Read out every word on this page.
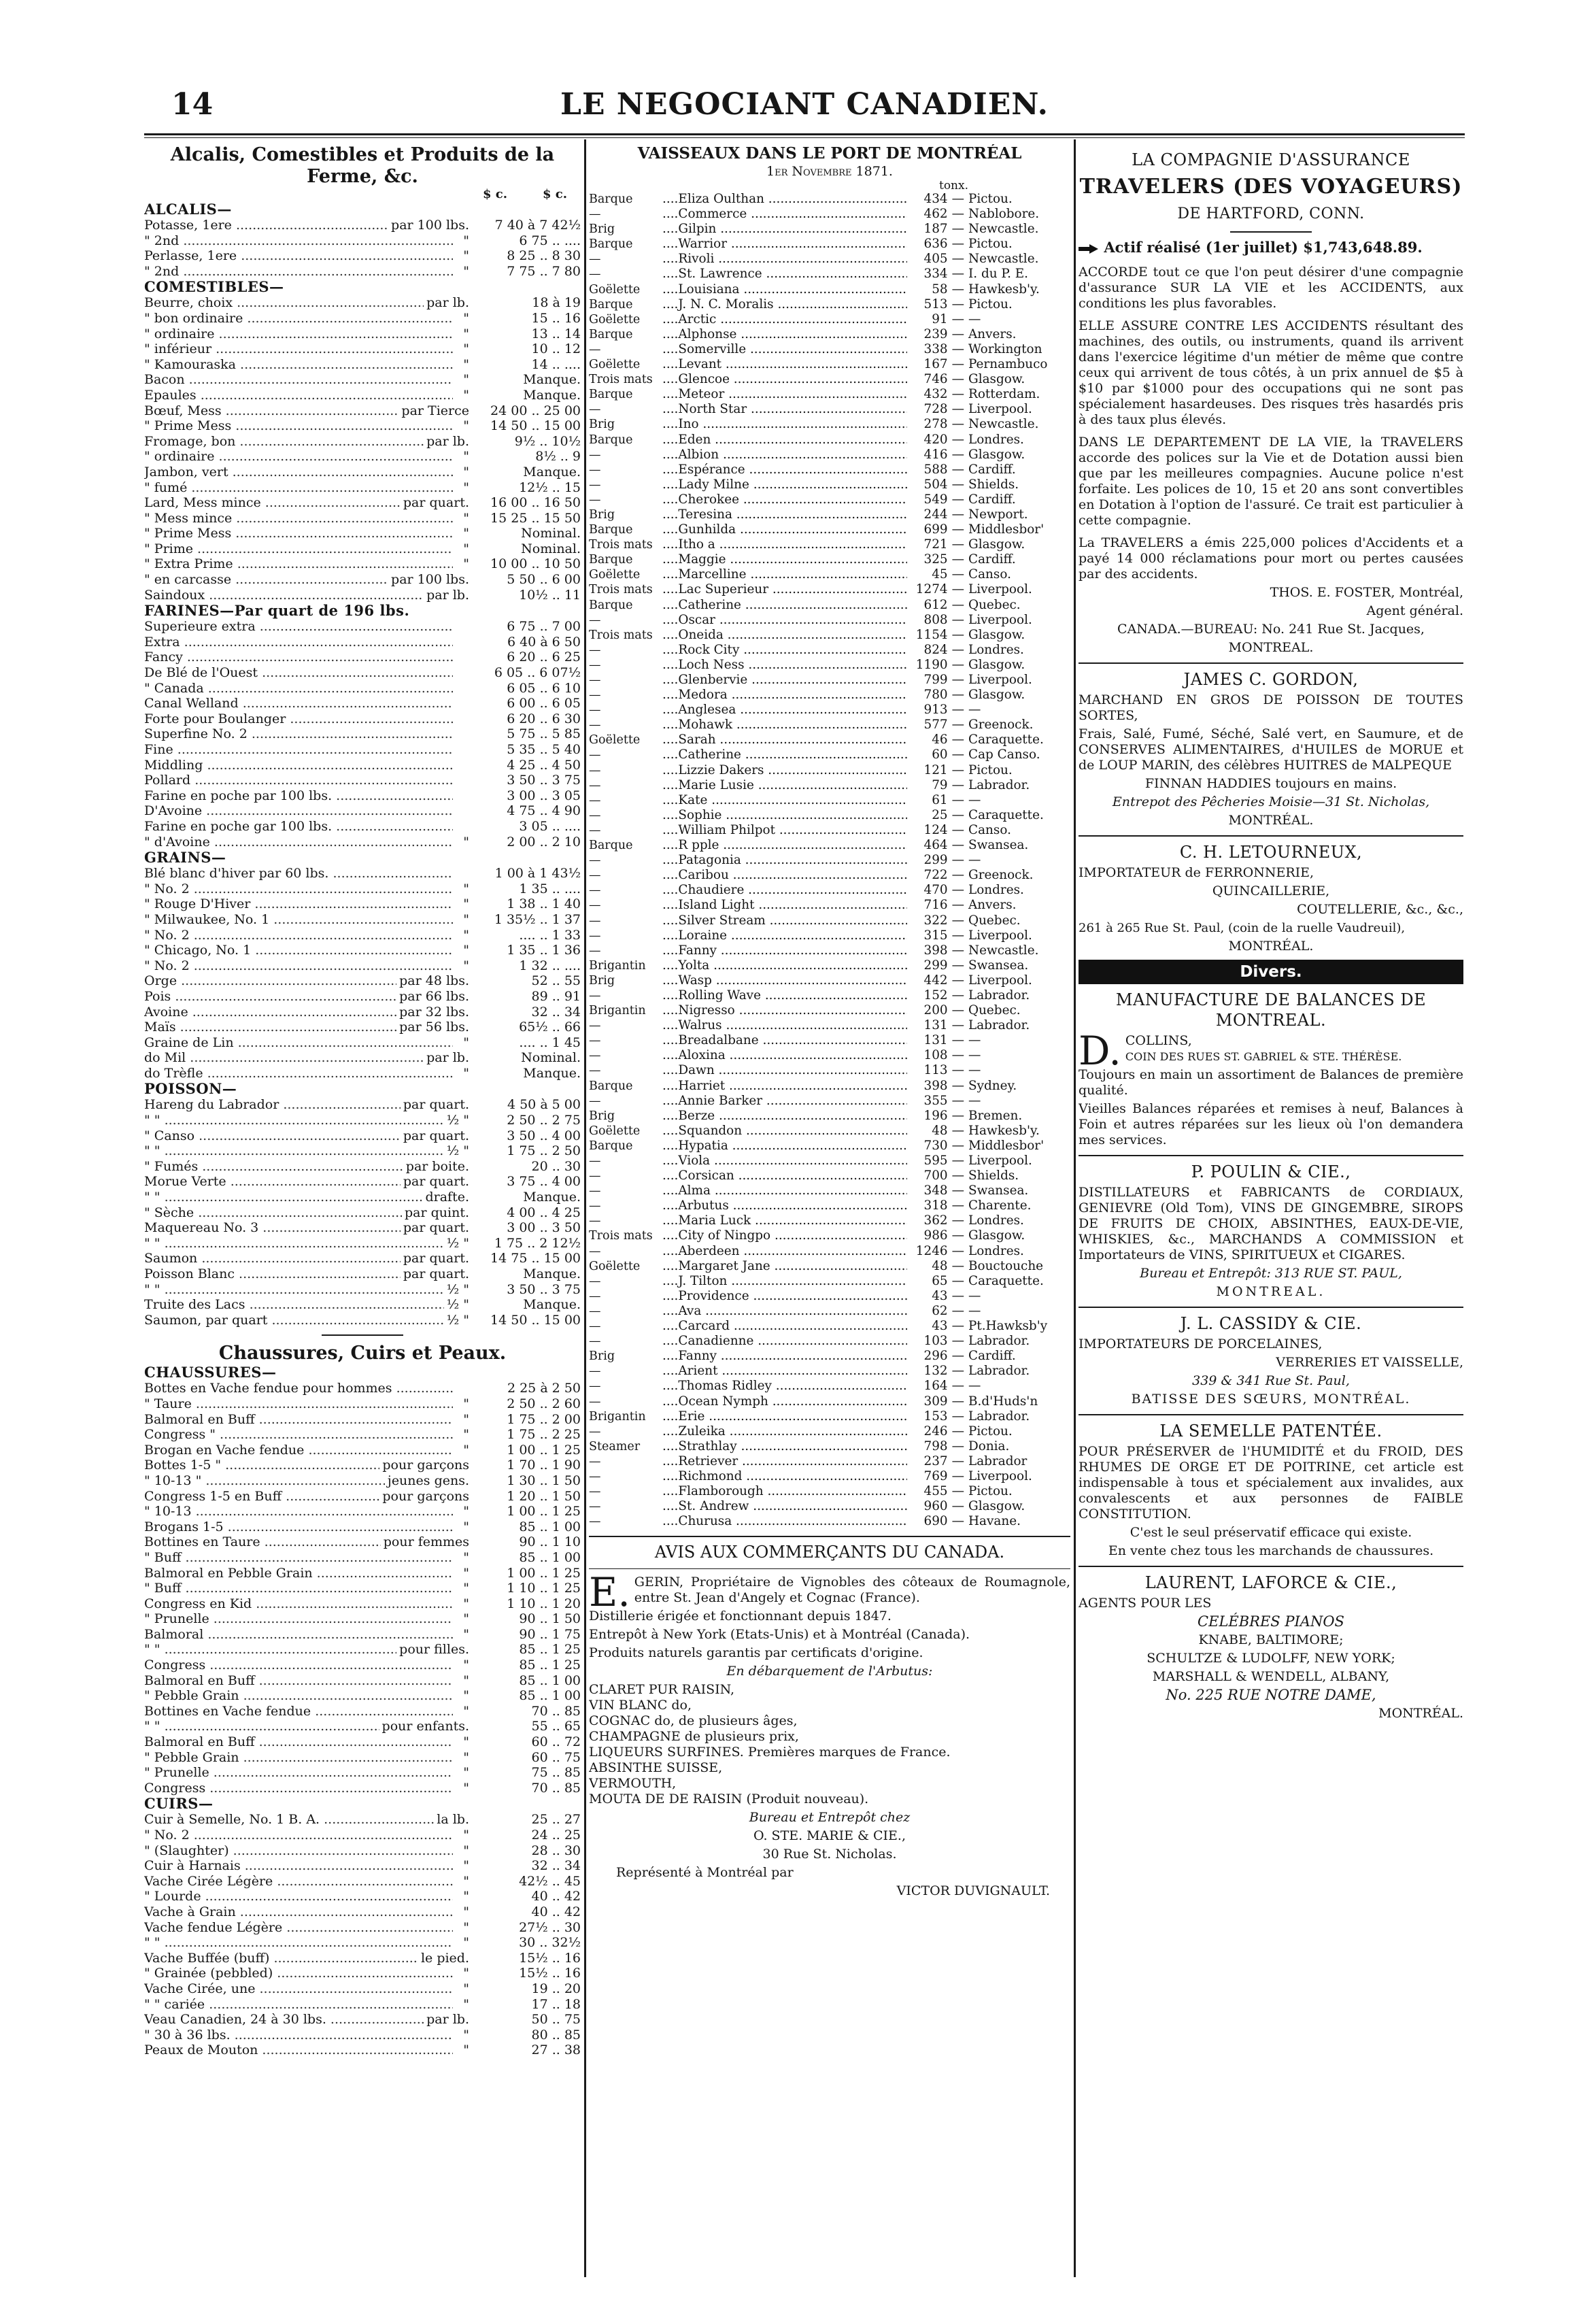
14	LE NEGOCIANT CANADIEN.
Alcalis, Comestibles et Produits de la Ferme, &c.
$ c.	$ c.
ALCALIS—
Potasse, 1ere .....	par 100 lbs.	7 40 à 7 42½
" 2nd .....	"	6 75 .. ....
Perlasse, 1ere .....	"	8 25 .. 8 30
" 2nd .....	"	7 75 .. 7 80
COMESTIBLES—
Beurre, choix .....	par lb.	18 à 19
" bon ordinaire .....	"	15 .. 16
" ordinaire .....	"	13 .. 14
" inférieur .....	"	10 .. 12
" Kamouraska .....	"	14 .. ....
Bacon .....	"	Manque.
Epaules .....	"	Manque.
Bœuf, Mess .....	par Tierce	24 00 .. 25 00
" Prime Mess .....	"	14 50 .. 15 00
Fromage, bon .....	par lb.	9½ .. 10½
" ordinaire .....	"	8½ .. 9
Jambon, vert .....	"	Manque.
" fumé .....	"	12½ .. 15
Lard, Mess mince .....	par quart.	16 00 .. 16 50
" Mess mince .....	"	15 25 .. 15 50
" Prime Mess .....	"	Nominal.
" Prime .....	"	Nominal.
" Extra Prime .....	"	10 00 .. 10 50
" en carcasse .....	par 100 lbs.	5 50 .. 6 00
Saindoux .....	par lb.	10½ .. 11
FARINES—Par quart de 196 lbs.
Superieure extra .....	6 75 .. 7 00
Extra .....	6 40 à 6 50
Fancy .....	6 20 .. 6 25
De Blé de l'Ouest .....	6 05 .. 6 07½
" Canada .....	6 05 .. 6 10
Canal Welland .....	6 00 .. 6 05
Forte pour Boulanger .....	6 20 .. 6 30
Superfine No. 2 .....	5 75 .. 5 85
Fine .....	5 35 .. 5 40
Middling .....	4 25 .. 4 50
Pollard .....	3 50 .. 3 75
Farine en poche par 100 lbs. .....	3 00 .. 3 05
D'Avoine .....	4 75 .. 4 90
Farine en poche gar 100 lbs. .....	3 05 .. ....
" d'Avoine .....	"	2 00 .. 2 10
GRAINS—
Blé blanc d'hiver par 60 lbs. .....	1 00 à 1 43½
" No. 2 .....	"	1 35 .. ....
" Rouge D'Hiver .....	"	1 38 .. 1 40
" Milwaukee, No. 1 .....	"	1 35½ .. 1 37
" No. 2 .....	"	.... .. 1 33
" Chicago, No. 1 .....	"	1 35 .. 1 36
" No. 2 .....	"	1 32 .. ....
Orge .....	par 48 lbs.	52 .. 55
Pois .....	par 66 lbs.	89 .. 91
Avoine .....	par 32 lbs.	32 .. 34
Maïs .....	par 56 lbs.	65½ .. 66
Graine de Lin .....	"	.... .. 1 45
do Mil .....	par lb.	Nominal.
do Trèfle .....	"	Manque.
POISSON—
Hareng du Labrador .....	par quart.	4 50 à 5 00
" " .....	½ "	2 50 .. 2 75
" Canso .....	par quart.	3 50 .. 4 00
" " .....	½ "	1 75 .. 2 50
" Fumés .....	par boite.	20 .. 30
Morue Verte .....	par quart.	3 75 .. 4 00
" " .....	drafte.	Manque.
" Sèche .....	par quint.	4 00 .. 4 25
Maquereau No. 3 .....	par quart.	3 00 .. 3 50
" " .....	½ "	1 75 .. 2 12½
Saumon .....	par quart.	14 75 .. 15 00
Poisson Blanc .....	par quart.	Manque.
" " .....	½ "	3 50 .. 3 75
Truite des Lacs .....	½ "	Manque.
Saumon, par quart .....	½ "	14 50 .. 15 00
Chaussures, Cuirs et Peaux.
CHAUSSURES—
Bottes en Vache fendue pour hommes .....	2 25 à 2 50
" Taure .....	"	2 50 .. 2 60
Balmoral en Buff .....	"	1 75 .. 2 00
Congress " .....	"	1 75 .. 2 25
Brogan en Vache fendue .....	"	1 00 .. 1 25
Bottes 1-5 " .....	pour garçons	1 70 .. 1 90
" 10-13 " .....	jeunes gens.	1 30 .. 1 50
Congress 1-5 en Buff .....	pour garçons	1 20 .. 1 50
" 10-13 .....	"	1 00 .. 1 25
Brogans 1-5 .....	"	85 .. 1 00
Bottines en Taure .....	pour femmes	90 .. 1 10
" Buff .....	"	85 .. 1 00
Balmoral en Pebble Grain .....	"	1 00 .. 1 25
" Buff .....	"	1 10 .. 1 25
Congress en Kid .....	"	1 10 .. 1 20
" Prunelle .....	"	90 .. 1 50
Balmoral .....	"	90 .. 1 75
" " .....	pour filles.	85 .. 1 25
Congress .....	"	85 .. 1 25
Balmoral en Buff .....	"	85 .. 1 00
" Pebble Grain .....	"	85 .. 1 00
Bottines en Vache fendue .....	"	70 .. 85
" " .....	pour enfants.	55 .. 65
Balmoral en Buff .....	"	60 .. 72
" Pebble Grain .....	"	60 .. 75
" Prunelle .....	"	75 .. 85
Congress .....	"	70 .. 85
CUIRS—
Cuir à Semelle, No. 1 B. A. .....	la lb.	25 .. 27
" No. 2 .....	"	24 .. 25
" (Slaughter) .....	"	28 .. 30
Cuir à Harnais .....	"	32 .. 34
Vache Cirée Légère .....	"	42½ .. 45
" Lourde .....	"	40 .. 42
Vache à Grain .....	"	40 .. 42
Vache fendue Légère .....	"	27½ .. 30
" " .....	"	30 .. 32½
Vache Buffée (buff) .....	le pied.	15½ .. 16
" Grainée (pebbled) .....	"	15½ .. 16
Vache Cirée, une .....	"	19 .. 20
" " cariée .....	"	17 .. 18
Veau Canadien, 24 à 30 lbs. .....	par lb.	50 .. 75
" 30 à 36 lbs. .....	"	80 .. 85
Peaux de Mouton .....	"	27 .. 38
VAISSEAUX DANS LE PORT DE MONTRÉAL
1er Novembre 1871.
tonx.
Barque	.... Eliza Oulthan .....	434 — Pictou.
—	.... Commerce .....	462 — Nablobore.
Brig	.... Gilpin .....	187 — Newcastle.
Barque	.... Warrior .....	636 — Pictou.
—	.... Rivoli .....	405 — Newcastle.
—	.... St. Lawrence .....	334 — I. du P. E.
Goëlette	.... Louisiana .....	58 — Hawkesb'y.
Barque	.... J. N. C. Moralis .....	513 — Pictou.
Goëlette	.... Arctic .....	91 — —
Barque	.... Alphonse .....	239 — Anvers.
—	.... Somerville .....	338 — Workington
Goëlette	.... Levant .....	167 — Pernambuco
Trois mats	.... Glencoe .....	746 — Glasgow.
Barque	.... Meteor .....	432 — Rotterdam.
—	.... North Star .....	728 — Liverpool.
Brig	.... Ino .....	278 — Newcastle.
Barque	.... Eden .....	420 — Londres.
—	.... Albion .....	416 — Glasgow.
—	.... Espérance .....	588 — Cardiff.
—	.... Lady Milne .....	504 — Shields.
—	.... Cherokee .....	549 — Cardiff.
Brig	.... Teresina .....	244 — Newport.
Barque	.... Gunhilda .....	699 — Middlesbor'
Trois mats	.... Itho a .....	721 — Glasgow.
Barque	.... Maggie .....	325 — Cardiff.
Goëlette	.... Marcelline .....	45 — Canso.
Trois mats	.... Lac Superieur .....	1274 — Liverpool.
Barque	.... Catherine .....	612 — Quebec.
—	.... Oscar .....	808 — Liverpool.
Trois mats	.... Oneida .....	1154 — Glasgow.
—	.... Rock City .....	824 — Londres.
—	.... Loch Ness .....	1190 — Glasgow.
—	.... Glenbervie .....	799 — Liverpool.
—	.... Medora .....	780 — Glasgow.
—	.... Anglesea .....	913 — —
—	.... Mohawk .....	577 — Greenock.
Goëlette	.... Sarah .....	46 — Caraquette.
—	.... Catherine .....	60 — Cap Canso.
—	.... Lizzie Dakers .....	121 — Pictou.
—	.... Marie Lusie .....	79 — Labrador.
—	.... Kate .....	61 — —
—	.... Sophie .....	25 — Caraquette.
—	.... William Philpot .....	124 — Canso.
Barque	.... R pple .....	464 — Swansea.
—	.... Patagonia .....	299 — —
—	.... Caribou .....	722 — Greenock.
—	.... Chaudiere .....	470 — Londres.
—	.... Island Light .....	716 — Anvers.
—	.... Silver Stream .....	322 — Quebec.
—	.... Loraine .....	315 — Liverpool.
—	.... Fanny .....	398 — Newcastle.
Brigantin	.... Yolta .....	299 — Swansea.
Brig	.... Wasp .....	442 — Liverpool.
—	.... Rolling Wave .....	152 — Labrador.
Brigantin	.... Nigresso .....	200 — Quebec.
—	.... Walrus .....	131 — Labrador.
—	.... Breadalbane .....	131 — —
—	.... Aloxina .....	108 — —
—	.... Dawn .....	113 — —
Barque	.... Harriet .....	398 — Sydney.
—	.... Annie Barker .....	355 — —
Brig	.... Berze .....	196 — Bremen.
Goëlette	.... Squandon .....	48 — Hawkesb'y.
Barque	.... Hypatia .....	730 — Middlesbor'
—	.... Viola .....	595 — Liverpool.
—	.... Corsican .....	700 — Shields.
—	.... Alma .....	348 — Swansea.
—	.... Arbutus .....	318 — Charente.
—	.... Maria Luck .....	362 — Londres.
Trois mats	.... City of Ningpo .....	986 — Glasgow.
—	.... Aberdeen .....	1246 — Londres.
Goëlette	.... Margaret Jane .....	48 — Bouctouche
—	.... J. Tilton .....	65 — Caraquette.
—	.... Providence .....	43 — —
—	.... Ava .....	62 — —
—	.... Carcard .....	43 — Pt.Hawksb'y
—	.... Canadienne .....	103 — Labrador.
Brig	.... Fanny .....	296 — Cardiff.
—	.... Arient .....	132 — Labrador.
—	.... Thomas Ridley .....	164 — —
—	.... Ocean Nymph .....	309 — B.d'Huds'n
Brigantin	.... Erie .....	153 — Labrador.
—	.... Zuleika .....	246 — Pictou.
Steamer	.... Strathlay .....	798 — Donia.
—	.... Retriever .....	237 — Labrador
—	.... Richmond .....	769 — Liverpool.
—	.... Flamborough .....	455 — Pictou.
—	.... St. Andrew .....	960 — Glasgow.
—	.... Churusa .....	690 — Havane.
AVIS AUX COMMERÇANTS DU CANADA.
E. GERIN, Propriétaire de Vignobles des côteaux de Roumagnole, entre St. Jean d'Angely et Cognac (France).
Distillerie érigée et fonctionnant depuis 1847.
Entrepôt à New York (Etats-Unis) et à Montréal (Canada).
Produits naturels garantis par certificats d'origine.
En débarquement de l'Arbutus:
CLARET PUR RAISIN,
VIN BLANC do,
COGNAC do, de plusieurs âges,
CHAMPAGNE de plusieurs prix,
LIQUEURS SURFINES. Premières marques de France.
ABSINTHE SUISSE,
VERMOUTH,
MOUTA DE DE RAISIN (Produit nouveau).
Bureau et Entrepôt chez
O. STE. MARIE & CIE.,
30 Rue St. Nicholas.
Représenté à Montréal par
VICTOR DUVIGNAULT.
LA COMPAGNIE D'ASSURANCE
TRAVELERS (DES VOYAGEURS)
DE HARTFORD, CONN.
Actif réalisé (1er juillet) $1,743,648.89.
ACCORDE tout ce que l'on peut désirer d'une compagnie d'assurance SUR LA VIE et les ACCIDENTS, aux conditions les plus favorables.
ELLE ASSURE CONTRE LES ACCIDENTS résultant des machines, des outils, ou instruments, quand ils arrivent dans l'exercice légitime d'un métier de même que contre ceux qui arrivent de tous côtés, à un prix annuel de $5 à $10 par $1000 pour des occupations qui ne sont pas spécialement hasardeuses. Des risques très hasardés pris à des taux plus élevés.
DANS LE DEPARTEMENT DE LA VIE, la TRAVELERS accorde des polices sur la Vie et de Dotation aussi bien que par les meilleures compagnies. Aucune police n'est forfaite. Les polices de 10, 15 et 20 ans sont convertibles en Dotation à l'option de l'assuré. Ce trait est particulier à cette compagnie.
La TRAVELERS a émis 225,000 polices d'Accidents et a payé 14 000 réclamations pour mort ou pertes causées par des accidents.
THOS. E. FOSTER, Montréal,
Agent général.
CANADA.—BUREAU: No. 241 Rue St. Jacques,
MONTREAL.
JAMES C. GORDON,
MARCHAND EN GROS DE POISSON DE TOUTES SORTES,
Frais, Salé, Fumé, Séché, Salé vert, en Saumure, et de CONSERVES ALIMENTAIRES, d'HUILES de MORUE et de LOUP MARIN, des célèbres HUITRES de MALPEQUE
FINNAN HADDIES toujours en mains.
Entrepot des Pêcheries Moisie—31 St. Nicholas,
MONTRÉAL.
C. H. LETOURNEUX,
IMPORTATEUR de FERRONNERIE,
QUINCAILLERIE,
COUTELLERIE, &c., &c.,
261 à 265 Rue St. Paul, (coin de la ruelle Vaudreuil),
MONTRÉAL.
Divers.
MANUFACTURE DE BALANCES DE MONTREAL.
D. COLLINS,
COIN DES RUES ST. GABRIEL & STE. THÉRÈSE.
Toujours en main un assortiment de Balances de première qualité.
Vieilles Balances réparées et remises à neuf, Balances à Foin et autres réparées sur les lieux où l'on demandera mes services.
P. POULIN & CIE.,
DISTILLATEURS et FABRICANTS de CORDIAUX, GENIEVRE (Old Tom), VINS DE GINGEMBRE, SIROPS DE FRUITS DE CHOIX, ABSINTHES, EAUX-DE-VIE, WHISKIES, &c., MARCHANDS A COMMISSION et Importateurs de VINS, SPIRITUEUX et CIGARES.
Bureau et Entrepôt: 313 RUE ST. PAUL,
MONTREAL.
J. L. CASSIDY & CIE.
IMPORTATEURS DE PORCELAINES,
VERRERIES ET VAISSELLE,
339 & 341 Rue St. Paul,
BATISSE DES SŒURS, MONTRÉAL.
LA SEMELLE PATENTÉE.
POUR PRÉSERVER de l'HUMIDITÉ et du FROID, DES RHUMES DE ORGE ET DE POITRINE, cet article est indispensable à tous et spécialement aux invalides, aux convalescents et aux personnes de FAIBLE CONSTITUTION.
C'est le seul préservatif efficace qui existe.
En vente chez tous les marchands de chaussures.
LAURENT, LAFORCE & CIE.,
AGENTS POUR LES
CELÉBRES PIANOS
KNABE, BALTIMORE;
SCHULTZE & LUDOLFF, NEW YORK;
MARSHALL & WENDELL, ALBANY,
No. 225 RUE NOTRE DAME,
MONTRÉAL.
